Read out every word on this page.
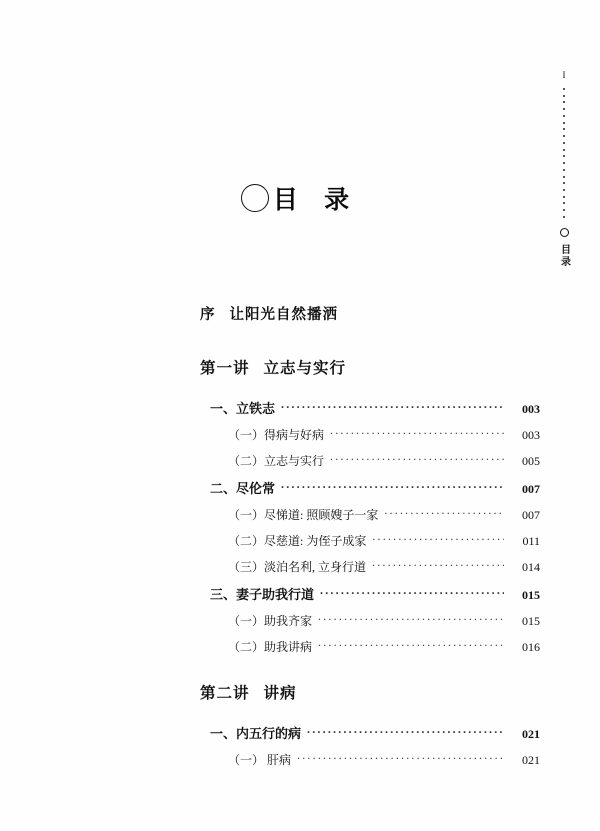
I
目录
目 录
序 让阳光自然播洒
第一讲 立志与实行
一、立铁志 .....	003
（一）得病与好病 .....	003
（二）立志与实行 .....	005
二、尽伦常 .....	007
（一）尽悌道: 照顾嫂子一家 .....	007
（二）尽慈道: 为侄子成家 .....	011
（三）淡泊名利, 立身行道 .....	014
三、妻子助我行道 .....	015
（一）助我齐家 .....	015
（二）助我讲病 .....	016
第二讲 讲病
一、内五行的病 .....	021
（一） 肝病 .....	021
